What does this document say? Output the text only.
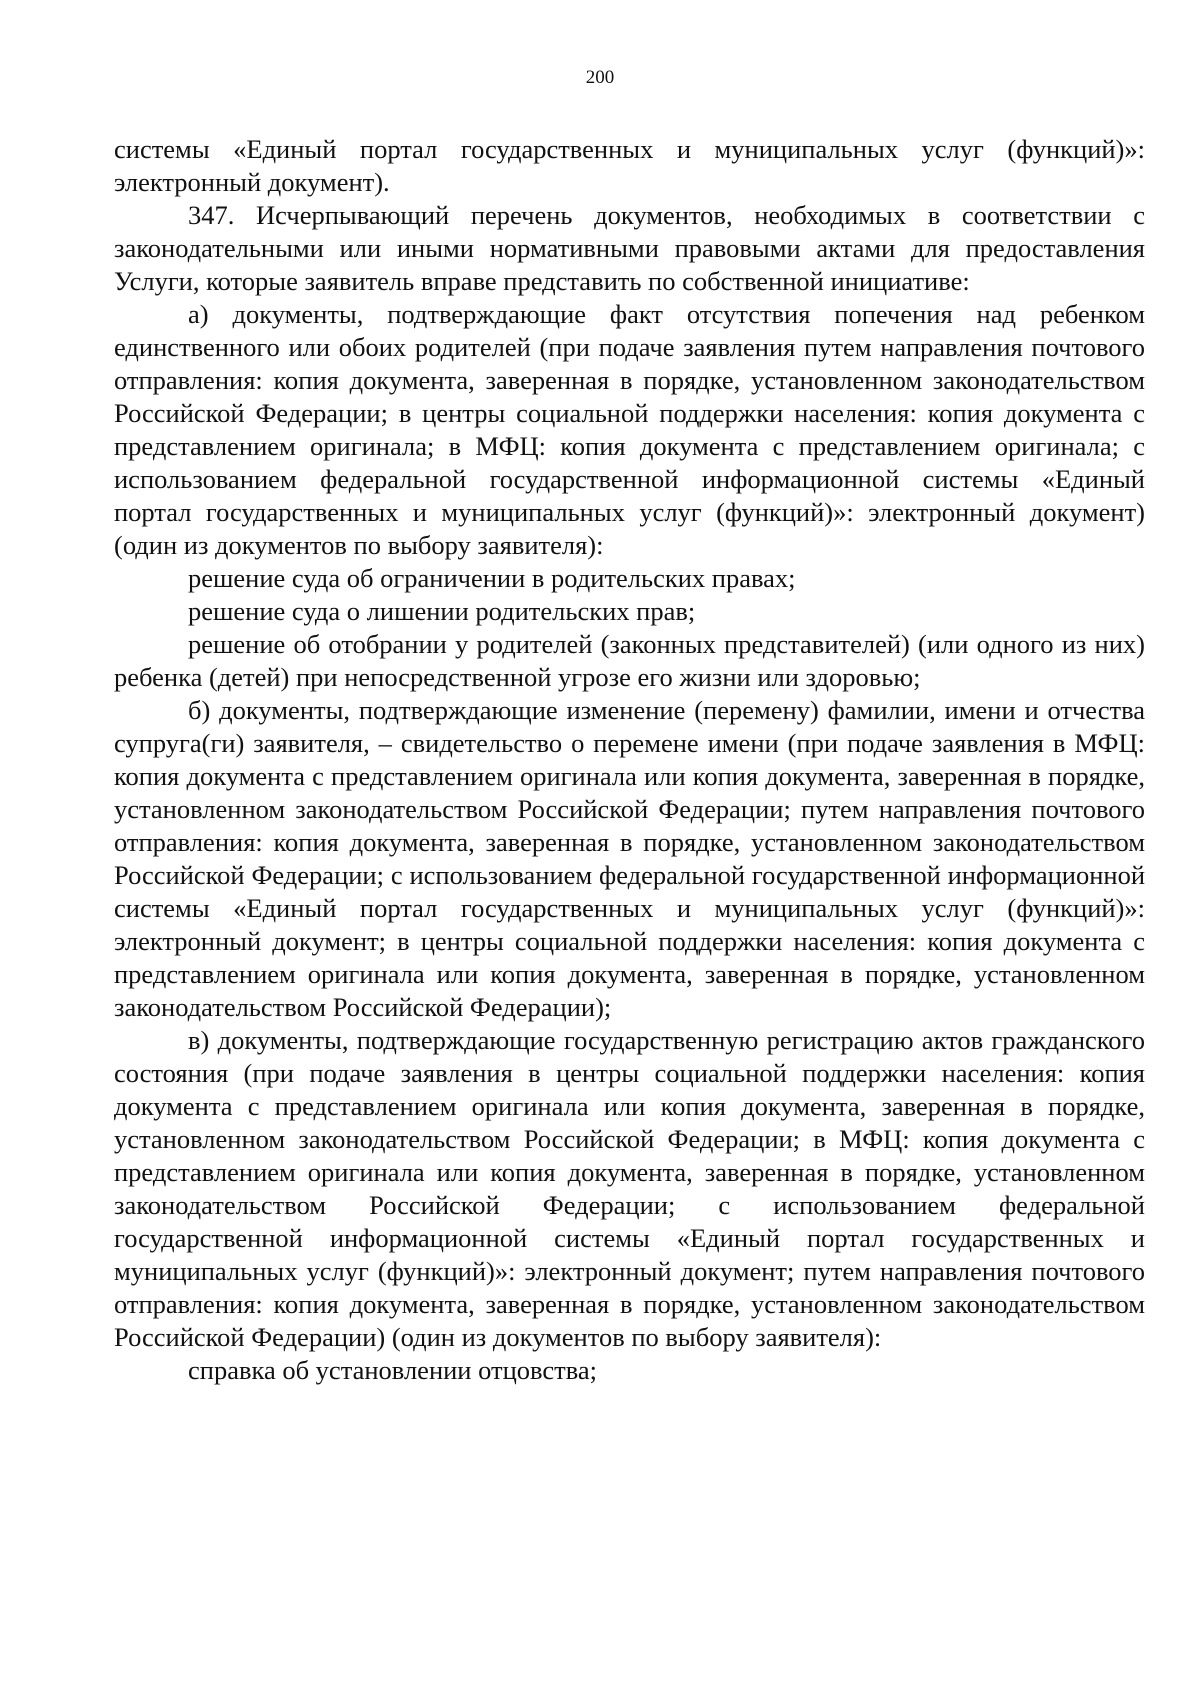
200

системы «Единый портал государственных и муниципальных услуг (функций)»: электронный документ).

347. Исчерпывающий перечень документов, необходимых в соответствии с законодательными или иными нормативными правовыми актами для предоставления Услуги, которые заявитель вправе представить по собственной инициативе:

а) документы, подтверждающие факт отсутствия попечения над ребенком единственного или обоих родителей (при подаче заявления путем направления почтового отправления: копия документа, заверенная в порядке, установленном законодательством Российской Федерации; в центры социальной поддержки населения: копия документа с представлением оригинала; в МФЦ: копия документа с представлением оригинала; с использованием федеральной государственной информационной системы «Единый портал государственных и муниципальных услуг (функций)»: электронный документ) (один из документов по выбору заявителя):

решение суда об ограничении в родительских правах;

решение суда о лишении родительских прав;

решение об отобрании у родителей (законных представителей) (или одного из них) ребенка (детей) при непосредственной угрозе его жизни или здоровью;

б) документы, подтверждающие изменение (перемену) фамилии, имени и отчества супруга(ги) заявителя, – свидетельство о перемене имени (при подаче заявления в МФЦ: копия документа с представлением оригинала или копия документа, заверенная в порядке, установленном законодательством Российской Федерации; путем направления почтового отправления: копия документа, заверенная в порядке, установленном законодательством Российской Федерации; с использованием федеральной государственной информационной системы «Единый портал государственных и муниципальных услуг (функций)»: электронный документ; в центры социальной поддержки населения: копия документа с представлением оригинала или копия документа, заверенная в порядке, установленном законодательством Российской Федерации);

в) документы, подтверждающие государственную регистрацию актов гражданского состояния (при подаче заявления в центры социальной поддержки населения: копия документа с представлением оригинала или копия документа, заверенная в порядке, установленном законодательством Российской Федерации; в МФЦ: копия документа с представлением оригинала или копия документа, заверенная в порядке, установленном законодательством Российской Федерации; с использованием федеральной государственной информационной системы «Единый портал государственных и муниципальных услуг (функций)»: электронный документ; путем направления почтового отправления: копия документа, заверенная в порядке, установленном законодательством Российской Федерации) (один из документов по выбору заявителя):

справка об установлении отцовства;
